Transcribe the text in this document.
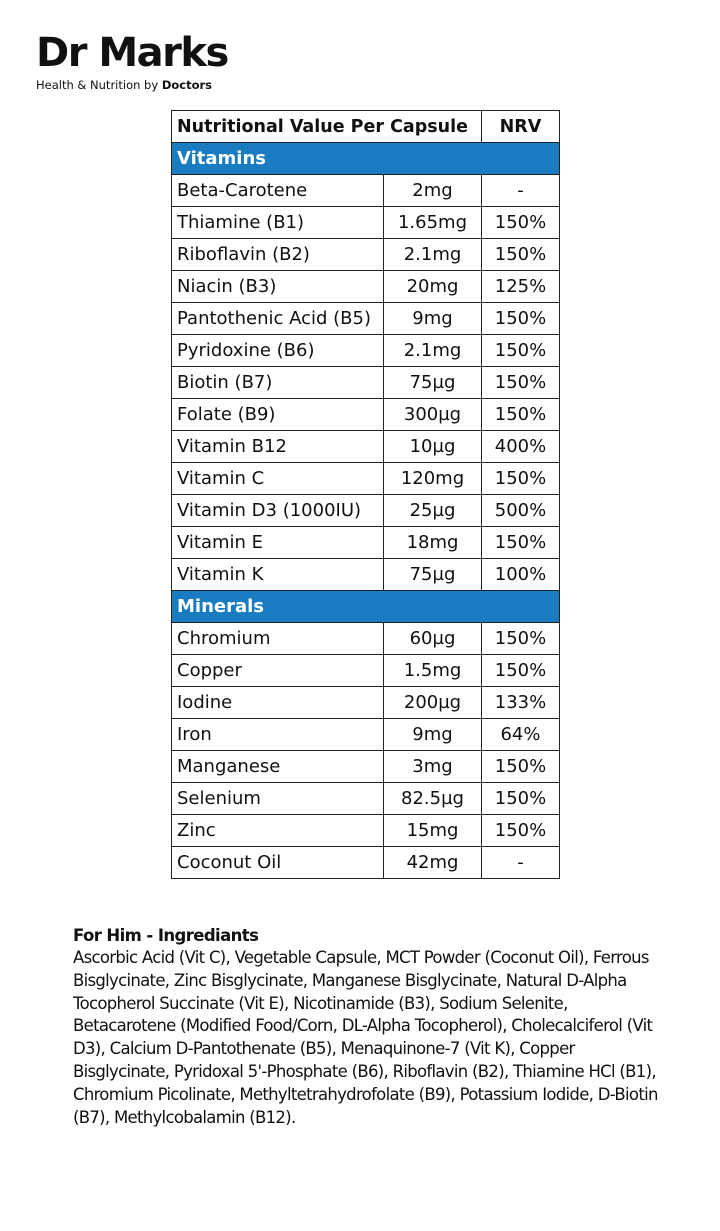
Dr Marks
Health & Nutrition by Doctors
Nutritional Value Per Capsule		NRV
Vitamins		
Beta-Carotene	2mg	-
Thiamine (B1)	1.65mg	150%
Riboflavin (B2)	2.1mg	150%
Niacin (B3)	20mg	125%
Pantothenic Acid (B5)	9mg	150%
Pyridoxine (B6)	2.1mg	150%
Biotin (B7)	75µg	150%
Folate (B9)	300µg	150%
Vitamin B12	10µg	400%
Vitamin C	120mg	150%
Vitamin D3 (1000IU)	25µg	500%
Vitamin E	18mg	150%
Vitamin K	75µg	100%
Minerals		
Chromium	60µg	150%
Copper	1.5mg	150%
Iodine	200µg	133%
Iron	9mg	64%
Manganese	3mg	150%
Selenium	82.5µg	150%
Zinc	15mg	150%
Coconut Oil	42mg	-
For Him - Ingrediants

Ascorbic Acid (Vit C), Vegetable Capsule, MCT Powder (Coconut Oil), Ferrous Bisglycinate, Zinc Bisglycinate, Manganese Bisglycinate, Natural D-Alpha Tocopherol Succinate (Vit E), Nicotinamide (B3), Sodium Selenite, Betacarotene (Modified Food/Corn, DL-Alpha Tocopherol), Cholecalciferol (Vit D3), Calcium D-Pantothenate (B5), Menaquinone-7 (Vit K), Copper Bisglycinate, Pyridoxal 5'-Phosphate (B6), Riboflavin (B2), Thiamine HCl (B1), Chromium Picolinate, Methyltetrahydrofolate (B9), Potassium Iodide, D-Biotin (B7), Methylcobalamin (B12).
